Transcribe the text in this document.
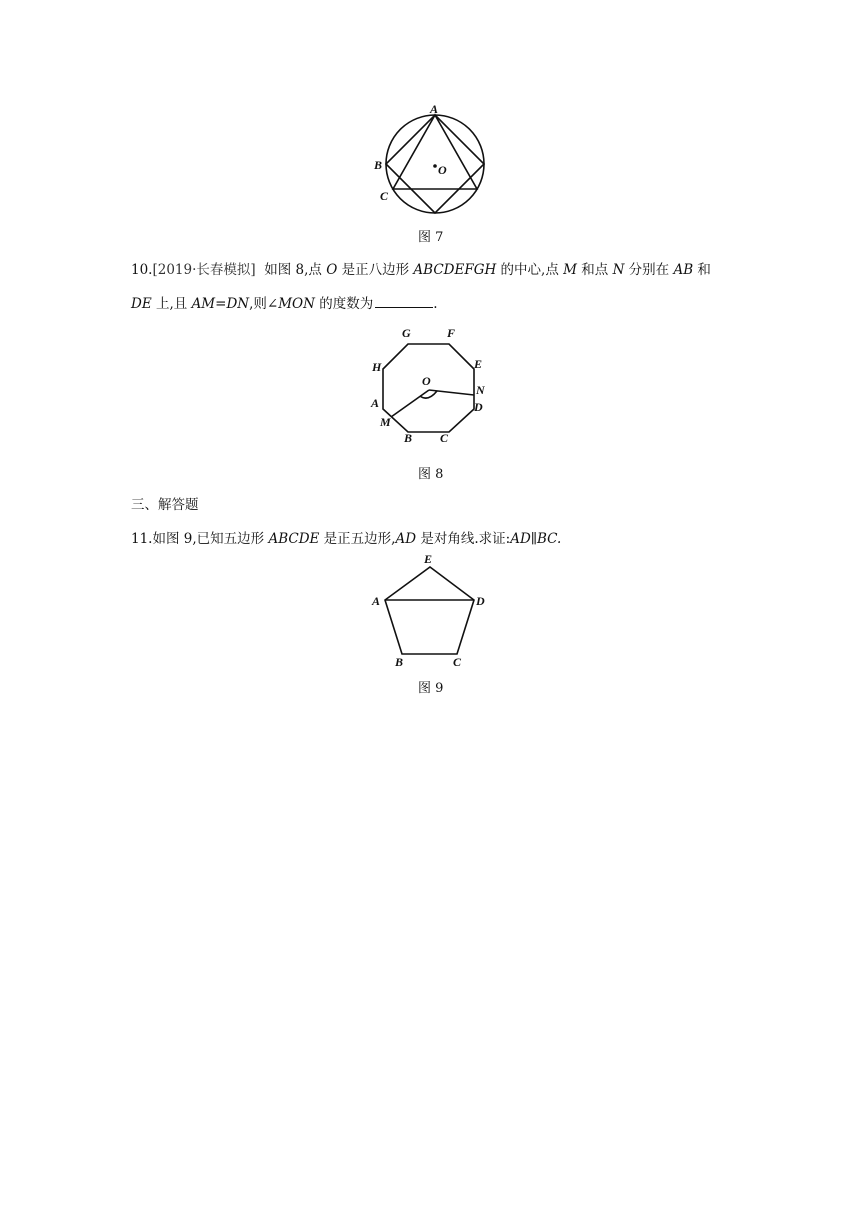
A
B
C
O
图 7
10.[2019·长春模拟] 如图 8,点 O 是正八边形 ABCDEFGH 的中心,点 M 和点 N 分别在 AB 和
DE 上,且 AM=DN,则∠MON 的度数为	.
G	F
E
H
O
N
A	D
M
B C
图 8
三、解答题
11.如图 9,已知五边形 ABCDE 是正五边形,AD 是对角线.求证:AD∥BC.
E
A	D
B	C
图 9
